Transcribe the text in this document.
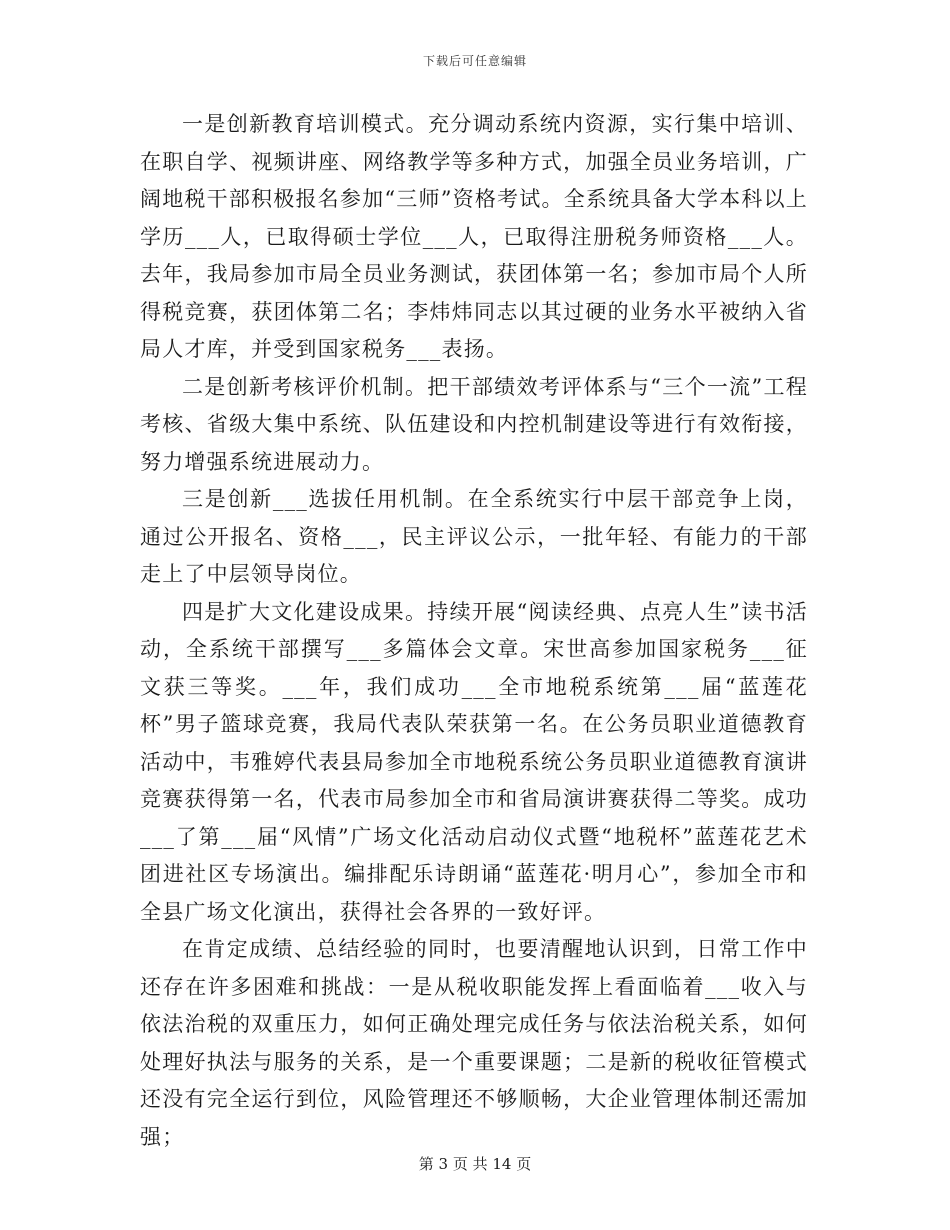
下载后可任意编辑

一是创新教育培训模式。充分调动系统内资源，实行集中培训、在职自学、视频讲座、网络教学等多种方式，加强全员业务培训，广阔地税干部积极报名参加“三师”资格考试。全系统具备大学本科以上学历___人，已取得硕士学位___人，已取得注册税务师资格___人。去年，我局参加市局全员业务测试，获团体第一名；参加市局个人所得税竞赛，获团体第二名；李炜炜同志以其过硬的业务水平被纳入省局人才库，并受到国家税务___表扬。

二是创新考核评价机制。把干部绩效考评体系与“三个一流”工程考核、省级大集中系统、队伍建设和内控机制建设等进行有效衔接，努力增强系统进展动力。

三是创新___选拔任用机制。在全系统实行中层干部竞争上岗，通过公开报名、资格___，民主评议公示，一批年轻、有能力的干部走上了中层领导岗位。

四是扩大文化建设成果。持续开展“阅读经典、点亮人生”读书活动，全系统干部撰写___多篇体会文章。宋世高参加国家税务___征文获三等奖。___年，我们成功___全市地税系统第___届“蓝莲花杯”男子篮球竞赛，我局代表队荣获第一名。在公务员职业道德教育活动中，韦雅婷代表县局参加全市地税系统公务员职业道德教育演讲竞赛获得第一名，代表市局参加全市和省局演讲赛获得二等奖。成功___了第___届“风情”广场文化活动启动仪式暨“地税杯”蓝莲花艺术团进社区专场演出。编排配乐诗朗诵“蓝莲花·明月心”，参加全市和全县广场文化演出，获得社会各界的一致好评。

在肯定成绩、总结经验的同时，也要清醒地认识到，日常工作中还存在许多困难和挑战：一是从税收职能发挥上看面临着___收入与依法治税的双重压力，如何正确处理完成任务与依法治税关系，如何处理好执法与服务的关系，是一个重要课题；二是新的税收征管模式还没有完全运行到位，风险管理还不够顺畅，大企业管理体制还需加强；

第 3 页 共 14 页
